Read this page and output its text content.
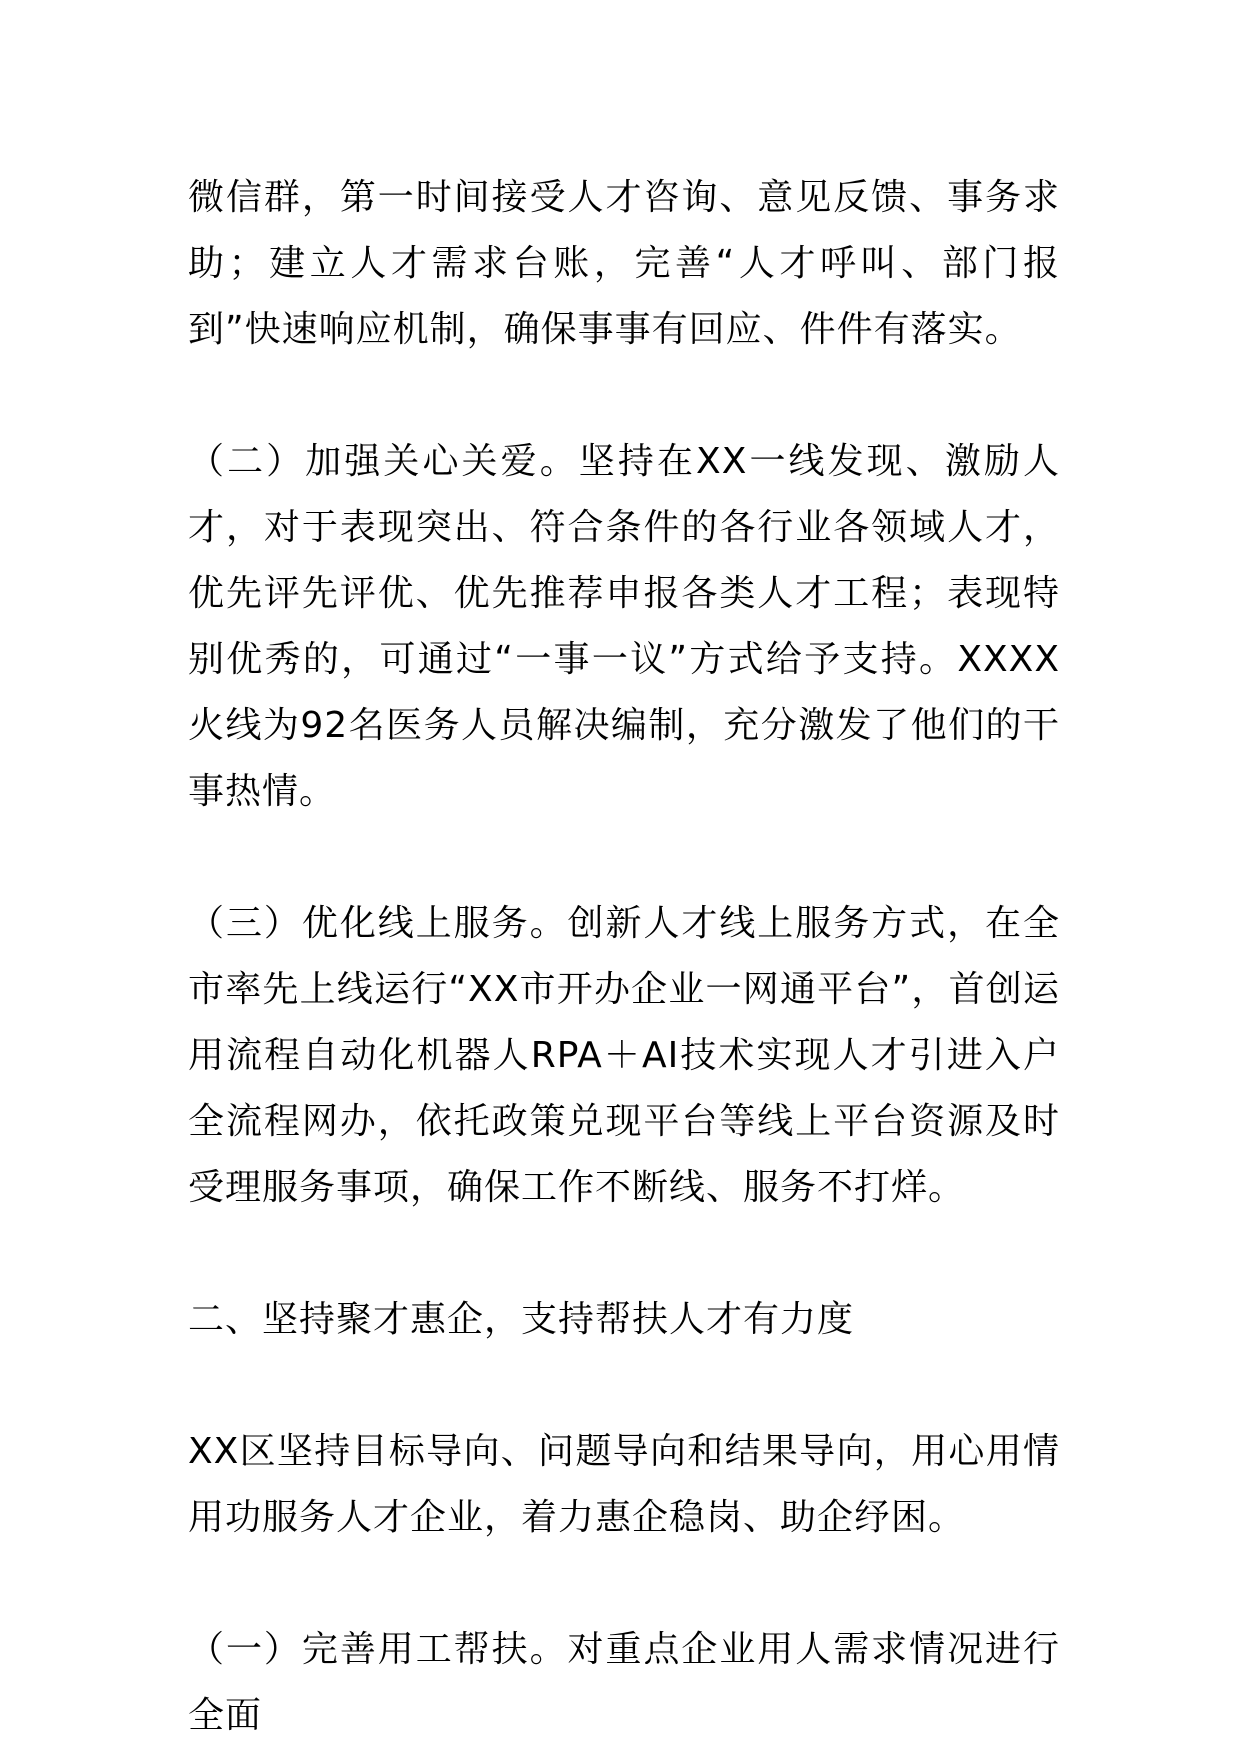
微信群，第一时间接受人才咨询、意见反馈、事务求助；建立人才需求台账，完善“人才呼叫、部门报到”快速响应机制，确保事事有回应、件件有落实。

（二）加强关心关爱。坚持在XX一线发现、激励人才，对于表现突出、符合条件的各行业各领域人才，优先评先评优、优先推荐申报各类人才工程；表现特别优秀的，可通过“一事一议”方式给予支持。XXXX火线为92名医务人员解决编制，充分激发了他们的干事热情。

（三）优化线上服务。创新人才线上服务方式，在全市率先上线运行“XX市开办企业一网通平台”，首创运用流程自动化机器人RPA＋AI技术实现人才引进入户全流程网办，依托政策兑现平台等线上平台资源及时受理服务事项，确保工作不断线、服务不打烊。

二、坚持聚才惠企，支持帮扶人才有力度

XX区坚持目标导向、问题导向和结果导向，用心用情用功服务人才企业，着力惠企稳岗、助企纾困。

（一）完善用工帮扶。对重点企业用人需求情况进行全面
